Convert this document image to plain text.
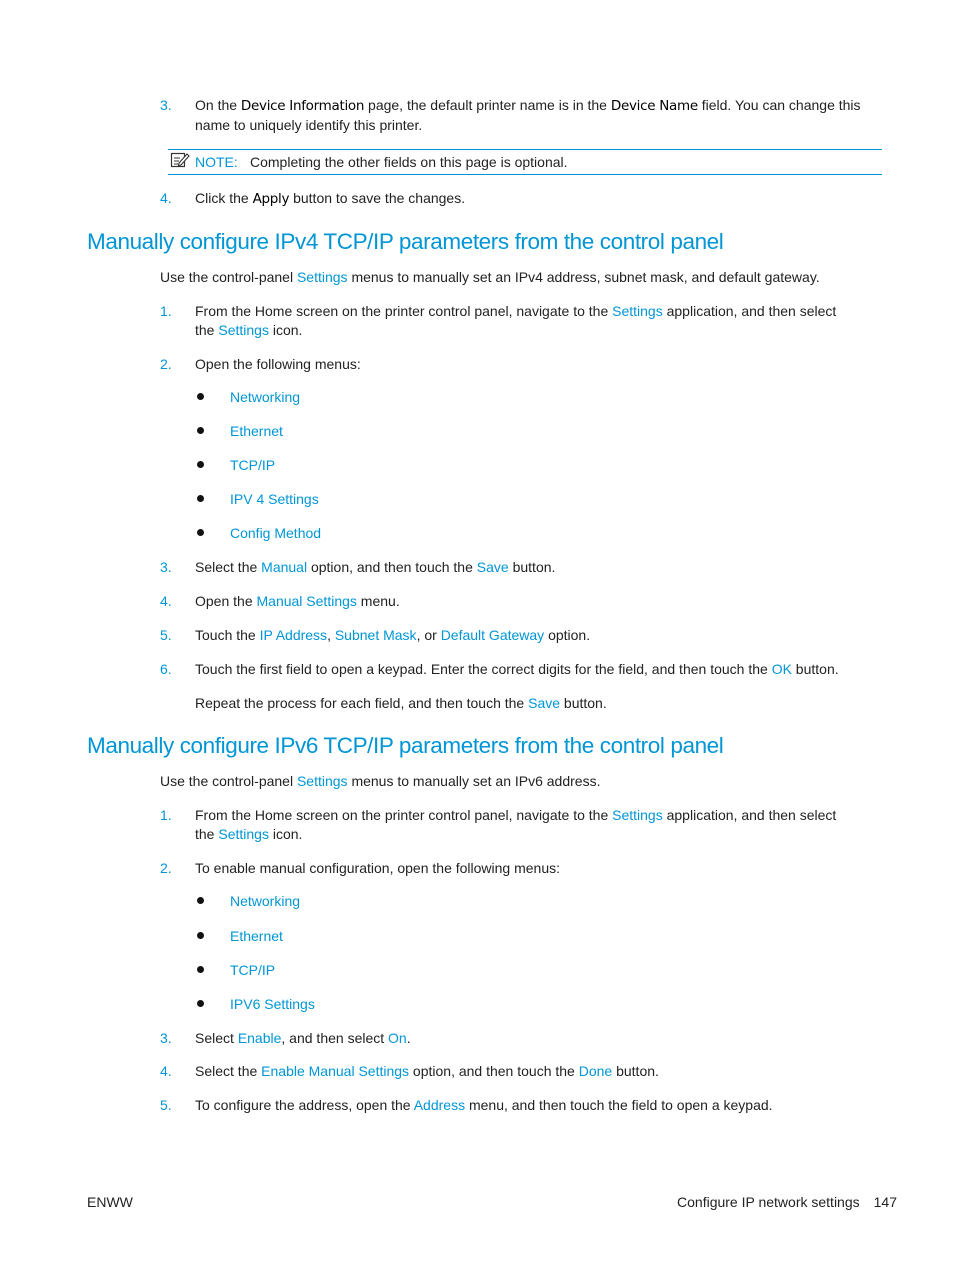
3. On the Device Information page, the default printer name is in the Device Name field. You can change this
name to uniquely identify this printer.
NOTE: Completing the other fields on this page is optional.
4. Click the Apply button to save the changes.
Manually configure IPv4 TCP/IP parameters from the control panel
Use the control-panel Settings menus to manually set an IPv4 address, subnet mask, and default gateway.
1. From the Home screen on the printer control panel, navigate to the Settings application, and then select
the Settings icon.
2. Open the following menus:
Networking
Ethernet
TCP/IP
IPV 4 Settings
Config Method
3. Select the Manual option, and then touch the Save button.
4. Open the Manual Settings menu.
5. Touch the IP Address, Subnet Mask, or Default Gateway option.
6. Touch the first field to open a keypad. Enter the correct digits for the field, and then touch the OK button.
Repeat the process for each field, and then touch the Save button.
Manually configure IPv6 TCP/IP parameters from the control panel
Use the control-panel Settings menus to manually set an IPv6 address.
1. From the Home screen on the printer control panel, navigate to the Settings application, and then select
the Settings icon.
2. To enable manual configuration, open the following menus:
Networking
Ethernet
TCP/IP
IPV6 Settings
3. Select Enable, and then select On.
4. Select the Enable Manual Settings option, and then touch the Done button.
5. To configure the address, open the Address menu, and then touch the field to open a keypad.
ENWW	Configure IP network settings 147
